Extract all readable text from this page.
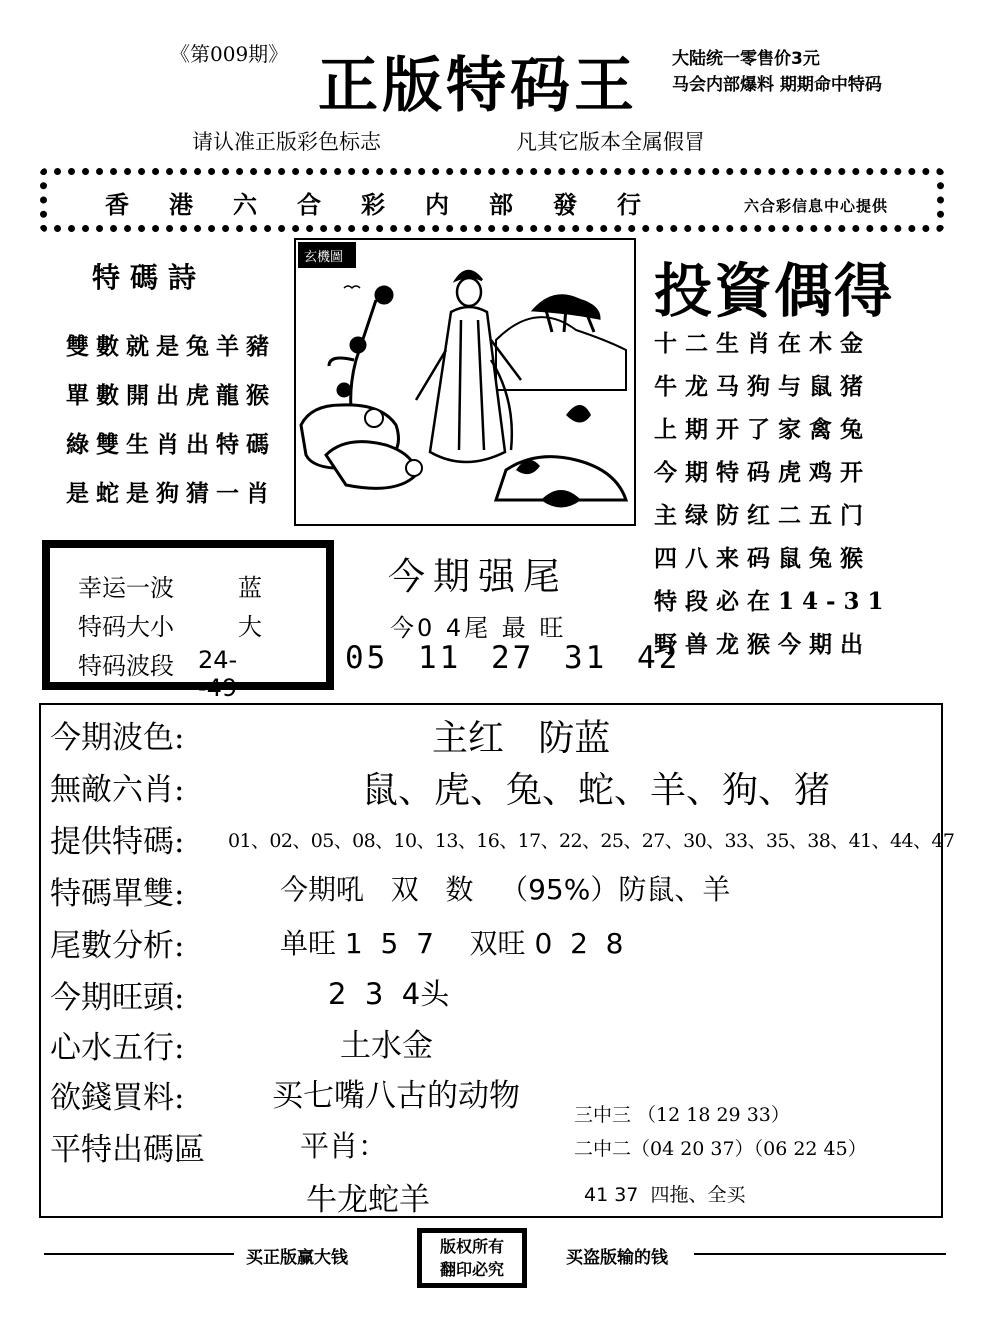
《第009期》 正版特码王 大陆统一零售价3元
马会内部爆料 期期命中特码
请认准正版彩色标志	凡其它版本全属假冒
香港六合彩内部發行	六合彩信息中心提供
特碼詩
雙數就是兔羊豬
單數開出虎龍猴
綠雙生肖出特碼
是蛇是狗猜一肖
玄機圖	投資偶得
十二生肖在木金
牛龙马狗与鼠猪
上期开了家禽兔
今期特码虎鸡开
主绿防红二五门
四八来码鼠兔猴
特段必在14-31
野兽龙猴今期出
幸运一波	蓝
特码大小	大
特码波段 24--49
今期强尾
今0 4尾 最 旺
05 11 27 31 42
今期波色:	主红   防蓝
無敵六肖:	鼠、虎、兔、蛇、羊、狗、猪
提供特碼: 01、02、05、08、10、13、16、17、22、25、27、30、33、35、38、41、44、47
特碼單雙:	今期吼   双   数   （95%）防鼠、羊
尾數分析:	单旺 1  5  7    双旺 0  2  8
今期旺頭:	2  3  4头
心水五行:	土水金
欲錢買料:	买七嘴八古的动物
平特出碼區	平肖：
牛龙蛇羊
三中三 （12 18 29 33）
二中二（04 20 37）（06 22 45）
41 37  四拖、全买
买正版赢大钱
版权所有
翻印必究
买盗版输的钱
